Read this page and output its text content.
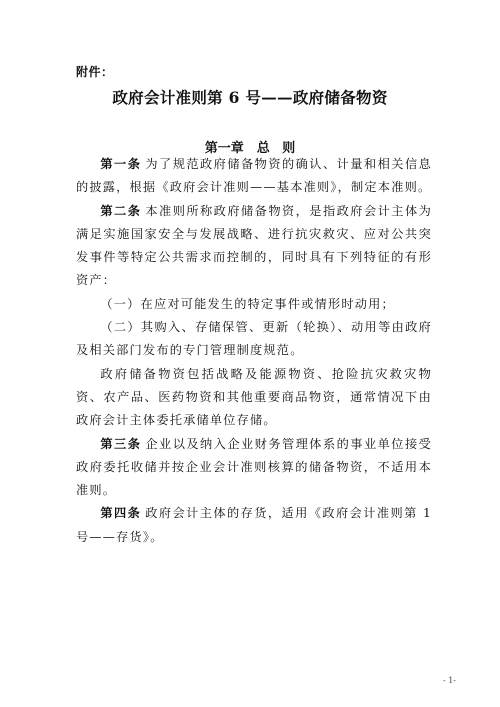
附件：
政府会计准则第 6 号——政府储备物资
第一章　总 则

第一条 为了规范政府储备物资的确认、计量和相关信息的披露，根据《政府会计准则——基本准则》，制定本准则。

第二条 本准则所称政府储备物资，是指政府会计主体为满足实施国家安全与发展战略、进行抗灾救灾、应对公共突发事件等特定公共需求而控制的，同时具有下列特征的有形资产：

（一）在应对可能发生的特定事件或情形时动用；

（二）其购入、存储保管、更新（轮换）、动用等由政府及相关部门发布的专门管理制度规范。

政府储备物资包括战略及能源物资、抢险抗灾救灾物资、农产品、医药物资和其他重要商品物资，通常情况下由政府会计主体委托承储单位存储。

第三条 企业以及纳入企业财务管理体系的事业单位接受政府委托收储并按企业会计准则核算的储备物资，不适用本准则。

第四条 政府会计主体的存货，适用《政府会计准则第 1 号——存货》。

- 1-
